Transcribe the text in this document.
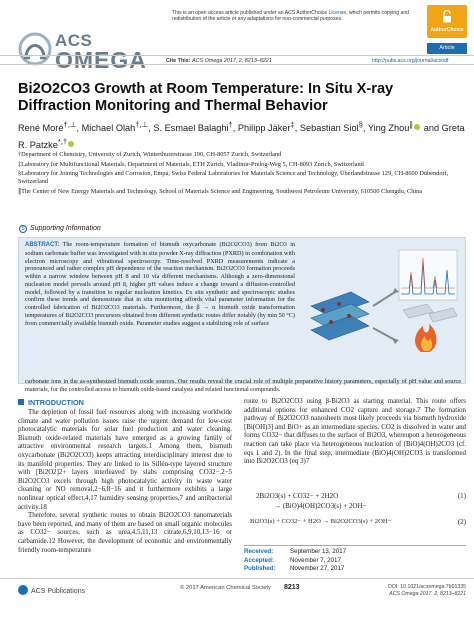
This is an open access article published under an ACS AuthorChoice License, which permits copying and redistribution of the article or any adaptations for non-commercial purposes.
AuthorChoice
ACS
OMEGA	Article
Cite This: ACS Omega 2017, 2, 8213–8221	http://pubs.acs.org/journal/acsodf
Bi2O2CO3 Growth at Room Temperature: In Situ X-ray Diffraction Monitoring and Thermal Behavior
René Moré†,⊥, Michael Olah†,⊥, S. Esmael Balaghi†, Philipp Jäker‡, Sebastian Siol§, Ying Zhou∥ and Greta R. Patzke*,†

†Department of Chemistry, University of Zurich, Winterthurerstrasse 190, CH-8057 Zurich, Switzerland

‡Laboratory for Multifunctional Materials, Department of Materials, ETH Zurich, Vladimir-Prelog-Weg 5, CH-8093 Zurich, Switzerland

§Laboratory for Joining Technologies and Corrosion, Empa, Swiss Federal Laboratories for Materials Science and Technology, Überlandstrasse 129, CH-8600 Dübendorf, Switzerland

∥The Center of New Energy Materials and Technology, School of Materials Science and Engineering, Southwest Petroleum University, 610500 Chengdu, China

S Supporting Information
ABSTRACT: The room-temperature formation of bismuth oxycarbonate (Bi2O2CO3) from Bi2O3 in sodium carbonate buffer was investigated with in situ powder X-ray diffraction (PXRD) in combination with electron microscopy and vibrational spectroscopy. Time-resolved PXRD measurements indicate a pronounced and rather complex pH dependence of the reaction mechanism. Bi2O2CO3 formation proceeds within a narrow window between pH 8 and 10 via different mechanisms. Although a zero-dimensional nucleation model prevails around pH 8, higher pH values induce a change toward a diffusion-controlled model, followed by a transition to regular nucleation kinetics. Ex situ synthetic and spectroscopic studies confirm these trends and demonstrate that in situ monitoring affords vital parameter information for the controlled fabrication of Bi2O2CO3 materials. Furthermore, the β → α bismuth oxide transformation temperatures of Bi2O2CO3 precursors obtained from different synthetic routes differ notably (by min 50 °C) from commercially available bismuth oxide. Parameter studies suggest a stabilizing role of surface
carbonate ions in the as-synthesized bismuth oxide sources. Our results reveal the crucial role of multiple preparative history parameters, especially of pH value and source materials, for the controlled access to bismuth oxide-based catalysts and related functional compounds.
INTRODUCTION

The depletion of fossil fuel resources along with increasing worldwide climate and water pollution issues raise the urgent demand for low-cost photocatalytic materials for solar fuel production and water cleaning. Bismuth oxide-related materials have emerged as a growing family of attractive environmental research targets.1 Among them, bismuth oxycarbonate (Bi2O2CO3) keeps attracting interdisciplinary interest due to its manifold properties. They are linked to its Sillén-type layered structure with [Bi2O2]2+ layers interleaved by slabs comprising CO32−.2−5 Bi2O2CO3 excels through high photocatalytic activity in waste water cleaning or NO removal,2−6,8−16 and it furthermore exhibits a large nonlinear optical effect,4,17 humidity sensing properties,7 and antibacterial activity.18

Therefore, several synthetic routes to obtain Bi2O2CO3 nanomaterials have been reported, and many of them are based on small organic molecules as CO32− sources, such as urea,4,5,11,13 citrate,6,9,10,13−16 or carbamide.12 However, the development of economic and environmentally friendly room-temperature

route to Bi2O2CO3 using β-Bi2O3 as starting material. This route offers additional options for enhanced CO2 capture and storage.7 The formation pathway of Bi2O2CO3 nanosheets most likely proceeds via bismuth hydroxide [Bi(OH)3] and BiO+ as an intermediate species. CO2 is dissolved in water and forms CO32− that diffuses to the surface of Bi2O3, whereupon a heterogeneous reaction can take place via heterogeneous nucleation of (BiO)4(OH)2CO3 (cf. eqs 1 and 2). In the final step, intermediate (BiO)4(OH)2CO3 is transformed into Bi2O2CO3 (eq 3)7
2Bi2O3(s) + CO32− + 2H2O
→ (BiO)4(OH)2CO3(s) + 2OH−
(1)
Bi2O3(s) + CO32− + H2O → Bi2O2CO3(s) + 2OH−	(2)
Received:	September 13, 2017
Accepted:	November 7, 2017
Published: November 27, 2017
ACS Publications	© 2017 American Chemical Society 8213	DOI: 10.1021/acsomega.7b01335
ACS Omega 2017, 2, 8213–8221
